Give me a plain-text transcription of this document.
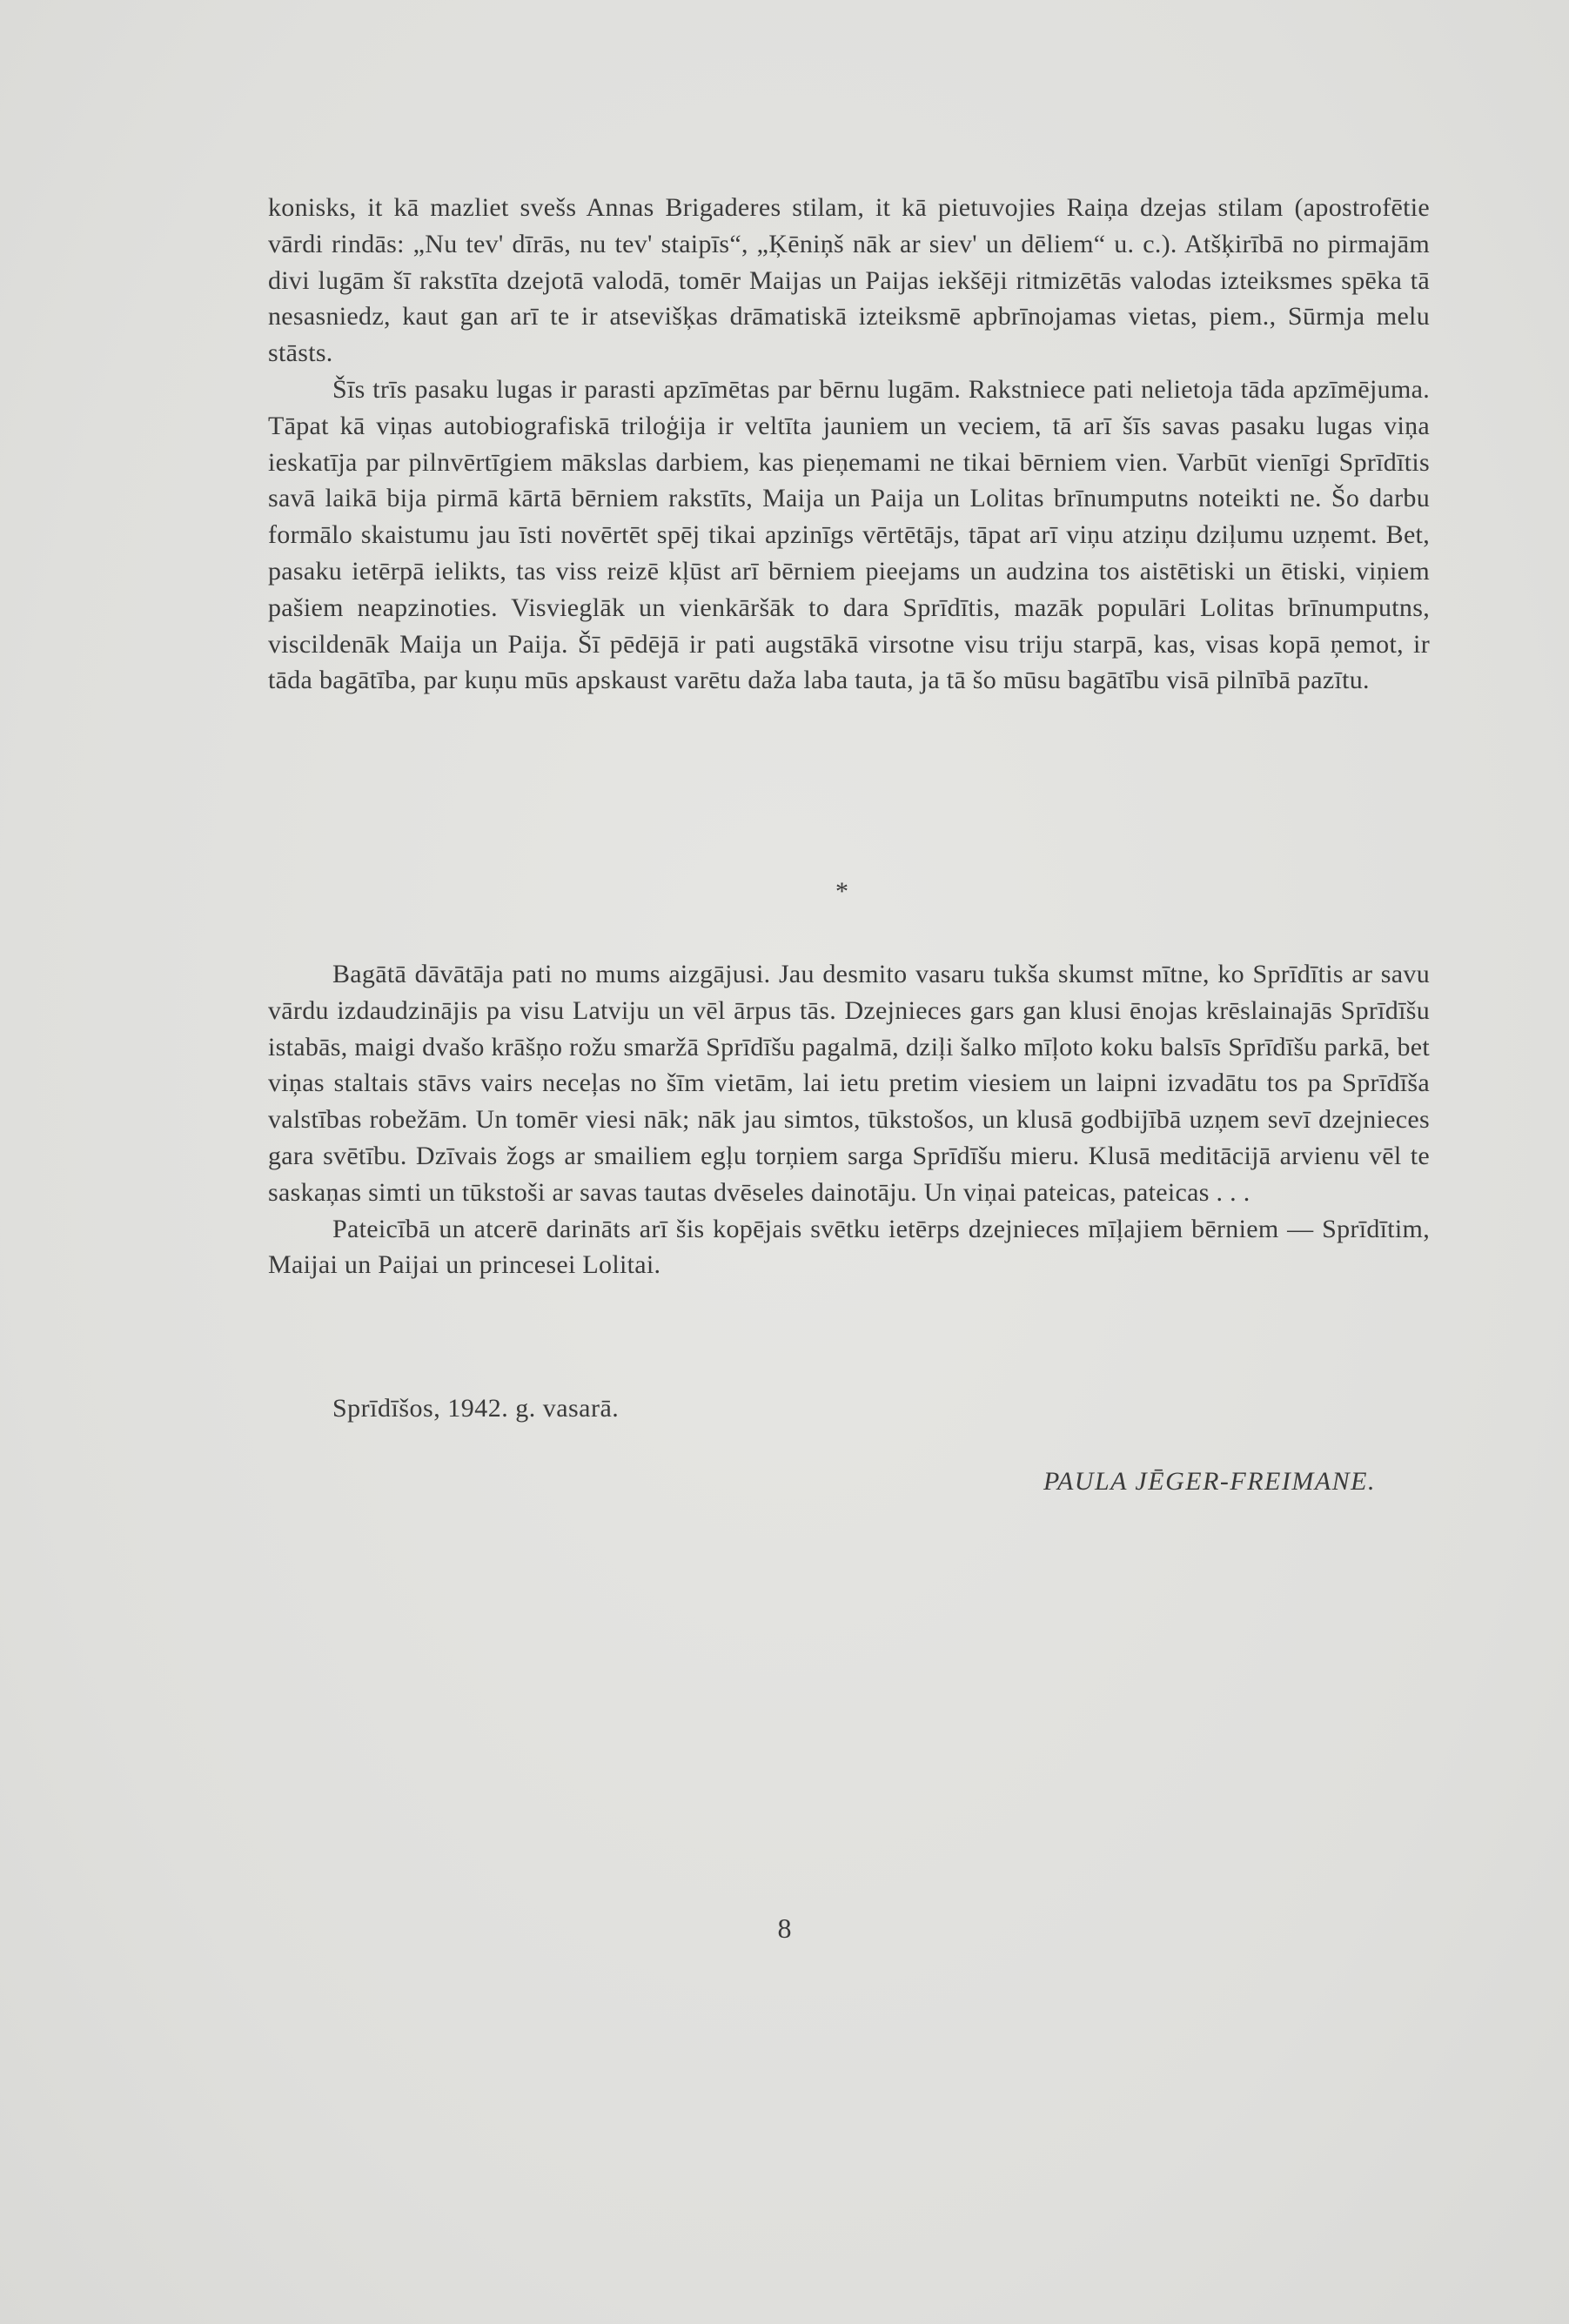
konisks, it kā mazliet svešs Annas Brigaderes stilam, it kā pietuvojies Raiņa dzejas stilam (apostrofētie vārdi rindās: „Nu tev' dīrās, nu tev' staipīs“, „Ķēniņš nāk ar siev' un dēliem“ u. c.). Atšķirībā no pirmajām divi lugām šī rakstīta dzejotā valodā, tomēr Maijas un Paijas iekšēji ritmizētās valodas izteiksmes spēka tā nesasniedz, kaut gan arī te ir atsevišķas drāmatiskā izteiksmē apbrīnojamas vietas, piem., Sūrmja melu stāsts.

Šīs trīs pasaku lugas ir parasti apzīmētas par bērnu lugām. Rakstniece pati nelietoja tāda apzīmējuma. Tāpat kā viņas autobiografiskā triloģija ir veltīta jauniem un veciem, tā arī šīs savas pasaku lugas viņa ieskatīja par pilnvērtīgiem mākslas darbiem, kas pieņemami ne tikai bērniem vien. Varbūt vienīgi Sprīdītis savā laikā bija pirmā kārtā bērniem rakstīts, Maija un Paija un Lolitas brīnumputns noteikti ne. Šo darbu formālo skaistumu jau īsti novērtēt spēj tikai apzinīgs vērtētājs, tāpat arī viņu atziņu dziļumu uzņemt. Bet, pasaku ietērpā ielikts, tas viss reizē kļūst arī bērniem pieejams un audzina tos aistētiski un ētiski, viņiem pašiem neapzinoties. Visvieglāk un vienkāršāk to dara Sprīdītis, mazāk populāri Lolitas brīnumputns, viscildenāk Maija un Paija. Šī pēdējā ir pati augstākā virsotne visu triju starpā, kas, visas kopā ņemot, ir tāda bagātība, par kuņu mūs apskaust varētu daža laba tauta, ja tā šo mūsu bagātību visā pilnībā pazītu.

*

Bagātā dāvātāja pati no mums aizgājusi. Jau desmito vasaru tukša skumst mītne, ko Sprīdītis ar savu vārdu izdaudzinājis pa visu Latviju un vēl ārpus tās. Dzejnieces gars gan klusi ēnojas krēslainajās Sprīdīšu istabās, maigi dvašo krāšņo rožu smaržā Sprīdīšu pagalmā, dziļi šalko mīļoto koku balsīs Sprīdīšu parkā, bet viņas staltais stāvs vairs neceļas no šīm vietām, lai ietu pretim viesiem un laipni izvadātu tos pa Sprīdīša valstības robežām. Un tomēr viesi nāk; nāk jau simtos, tūkstošos, un klusā godbijībā uzņem sevī dzejnieces gara svētību. Dzīvais žogs ar smailiem egļu torņiem sarga Sprīdīšu mieru. Klusā meditācijā arvienu vēl te saskaņas simti un tūkstoši ar savas tautas dvēseles dainotāju. Un viņai pateicas, pateicas . . .

Pateicībā un atcerē darināts arī šis kopējais svētku ietērps dzejnieces mīļajiem bērniem — Sprīdītim, Maijai un Paijai un princesei Lolitai.

Sprīdīšos, 1942. g. vasarā.
PAULA JĒGER-FREIMANE.
8
